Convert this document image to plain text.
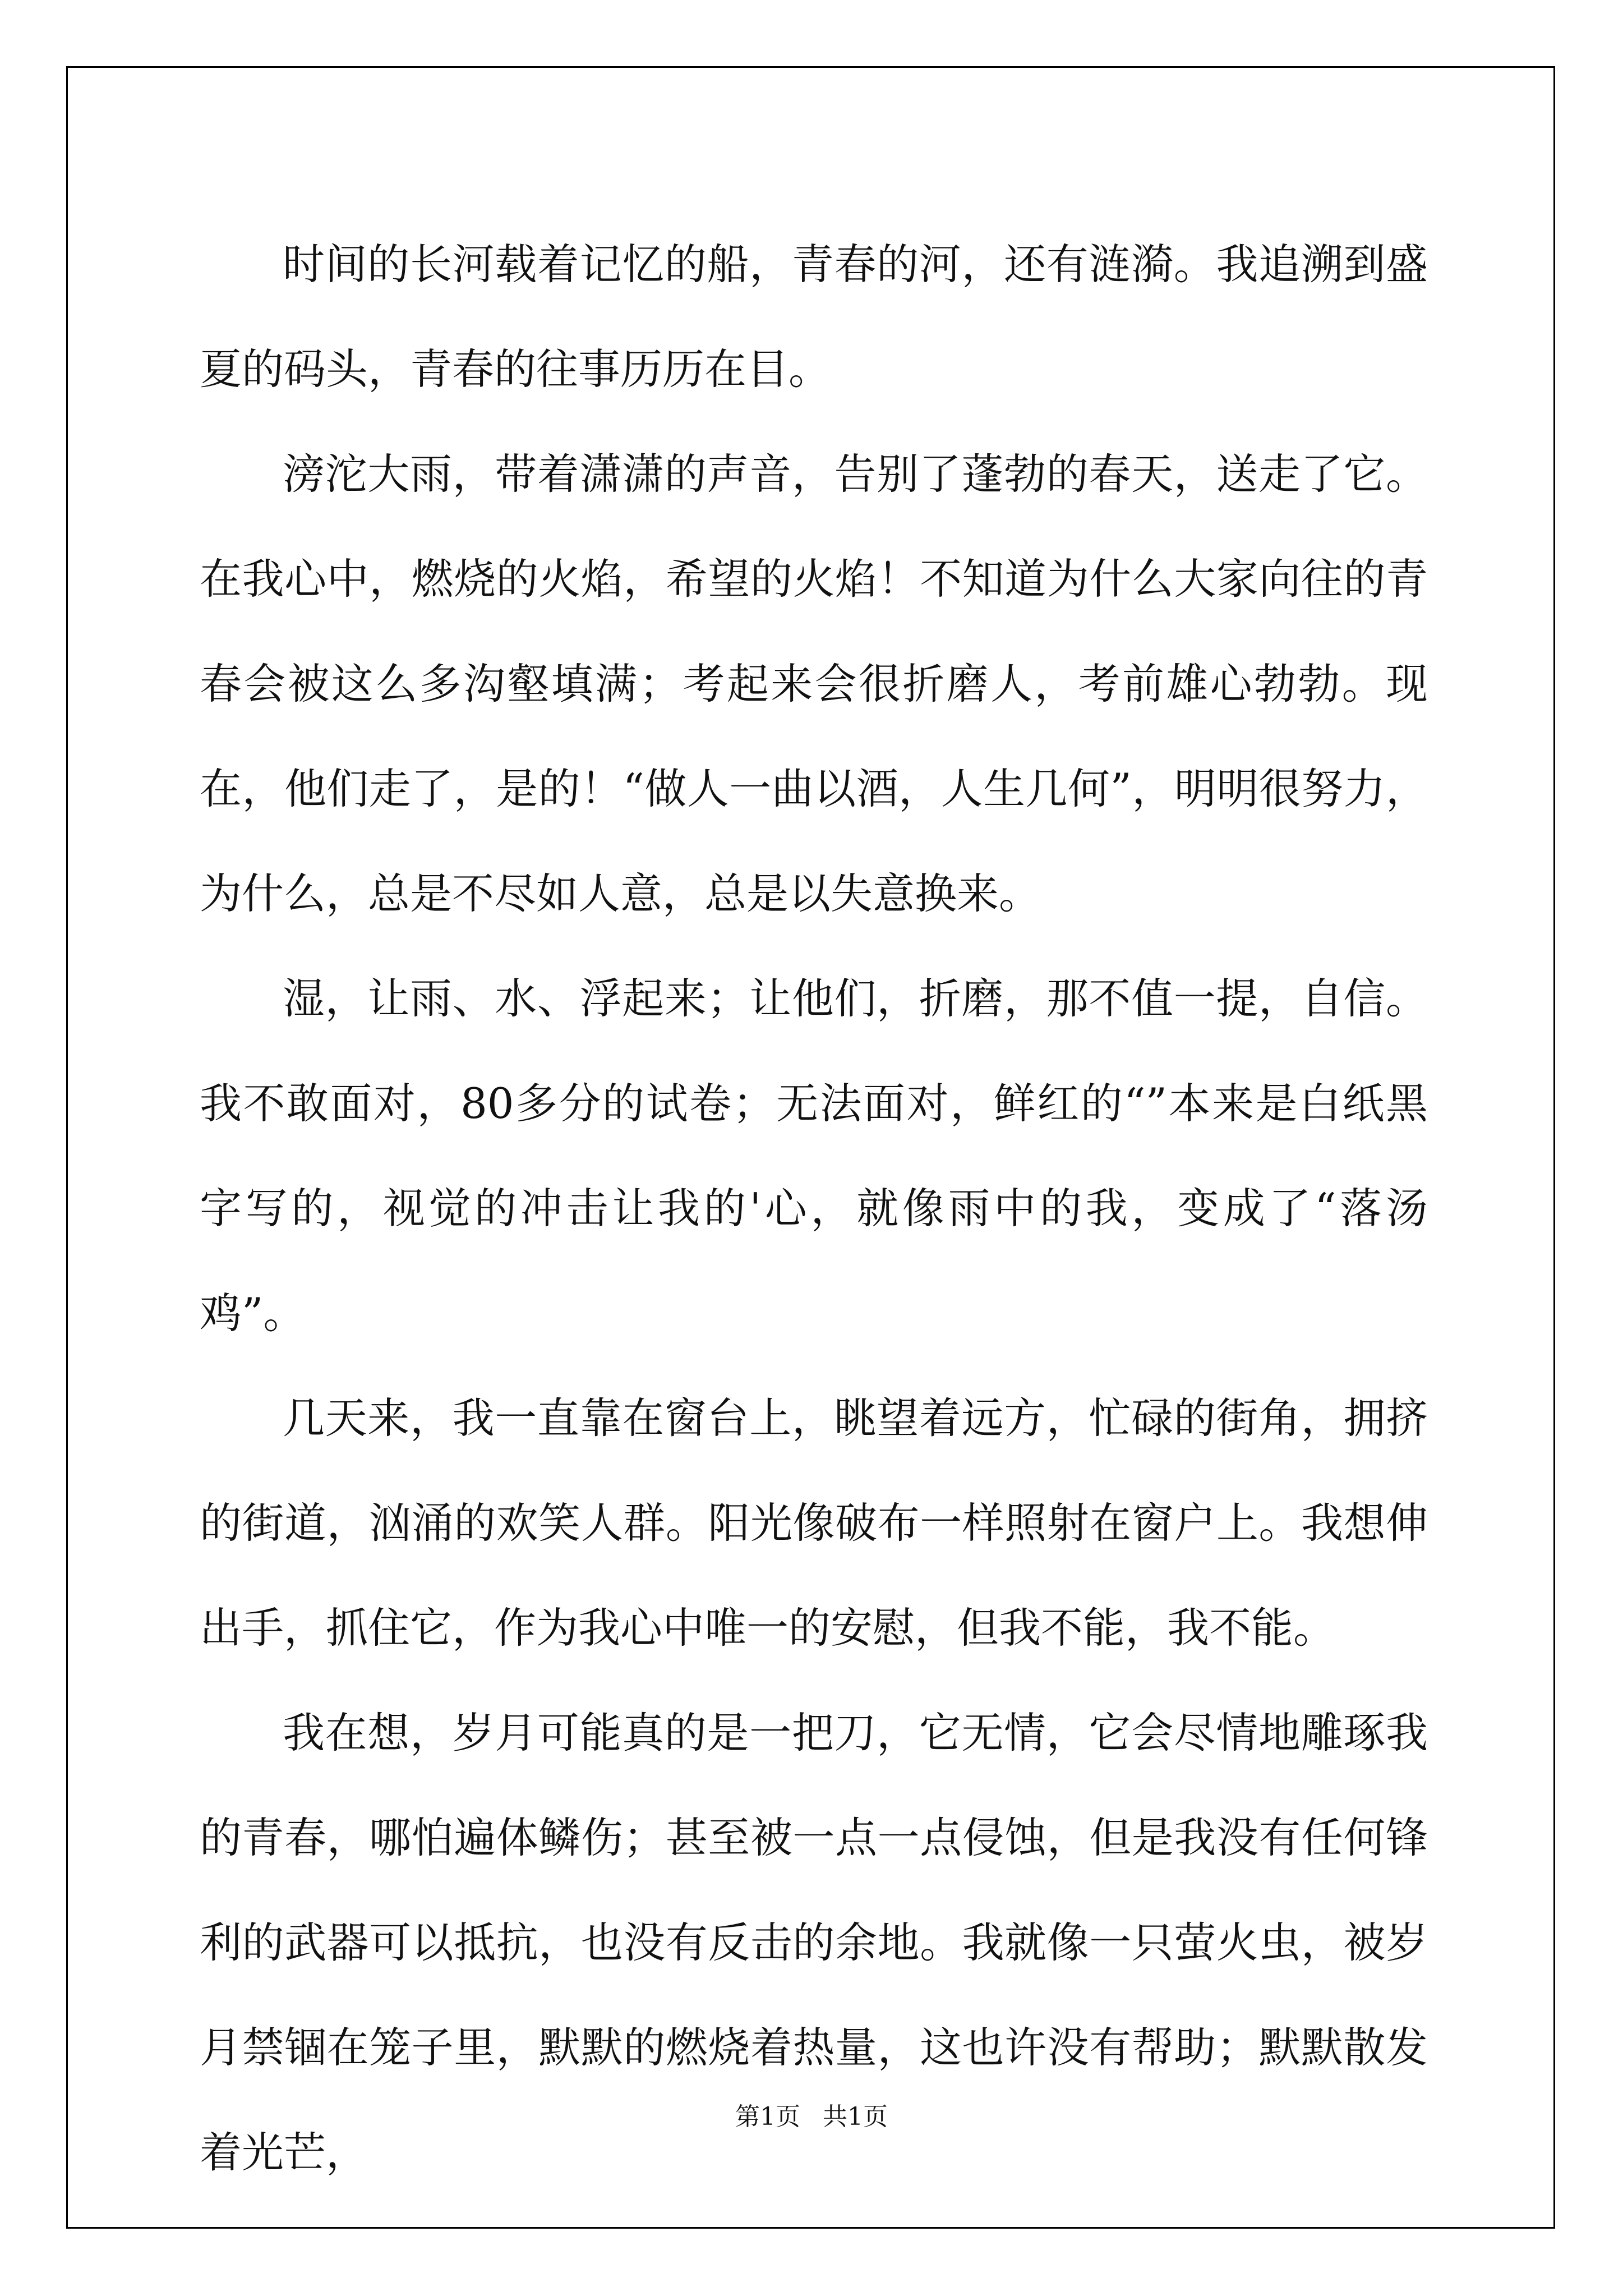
时间的长河载着记忆的船，青春的河，还有涟漪。我追溯到盛夏的码头，青春的往事历历在目。

滂沱大雨，带着潇潇的声音，告别了蓬勃的春天，送走了它。在我心中，燃烧的火焰，希望的火焰！不知道为什么大家向往的青春会被这么多沟壑填满；考起来会很折磨人，考前雄心勃勃。现在，他们走了，是的！“做人一曲以酒，人生几何”，明明很努力，为什么，总是不尽如人意，总是以失意换来。

湿，让雨、水、浮起来；让他们，折磨，那不值一提，自信。我不敢面对，80多分的试卷；无法面对，鲜红的“”本来是白纸黑字写的，视觉的冲击让我的'心，就像雨中的我，变成了“落汤鸡”。

几天来，我一直靠在窗台上，眺望着远方，忙碌的街角，拥挤的街道，汹涌的欢笑人群。阳光像破布一样照射在窗户上。我想伸出手，抓住它，作为我心中唯一的安慰，但我不能，我不能。

我在想，岁月可能真的是一把刀，它无情，它会尽情地雕琢我的青春，哪怕遍体鳞伤；甚至被一点一点侵蚀，但是我没有任何锋利的武器可以抵抗，也没有反击的余地。我就像一只萤火虫，被岁月禁锢在笼子里，默默的燃烧着热量，这也许没有帮助；默默散发着光芒，

第1页 共1页
